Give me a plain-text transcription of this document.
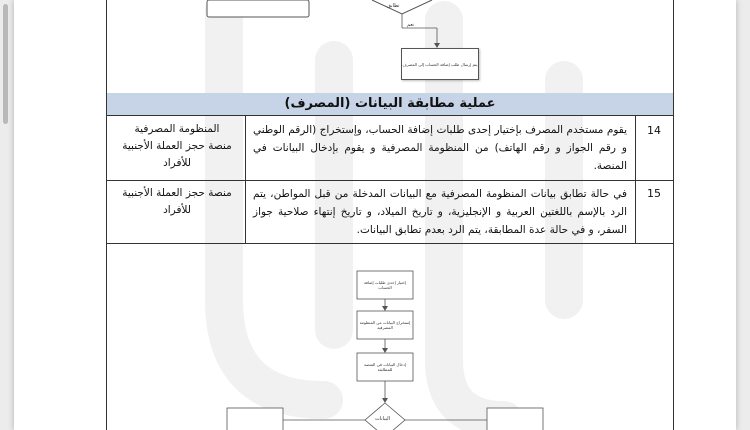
تطابق
نعم
يتم إرسال طلب إضافة الحساب إلى المصرف
عملية مطابقة البيانات (المصرف)
المنظومة المصرفية
منصة حجز العملة الأجنبية للأفراد
يقوم مستخدم المصرف بإختيار إحدى طلبات إضافة الحساب، وإستخراج (الرقم الوطني و رقم الجواز و رقم الهاتف) من المنظومة المصرفية و يقوم بإدخال البيانات في المنصة.
14
منصة حجز العملة الأجنبية للأفراد
في حالة تطابق بيانات المنظومة المصرفية مع البيانات المدخلة من قبل المواطن، يتم الرد بالإسم باللغتين العربية و الإنجليزية، و تاريخ الميلاد، و تاريخ إنتهاء صلاحية جواز السفر، و في حالة عدة المطابقة، يتم الرد بعدم تطابق البيانات.
15
إختيار إحدى طلبات إضافة الحساب
إستخراج البيانات من المنظومة المصرفية
إدخال البيانات في المنصة للمطابقة
البيانات
